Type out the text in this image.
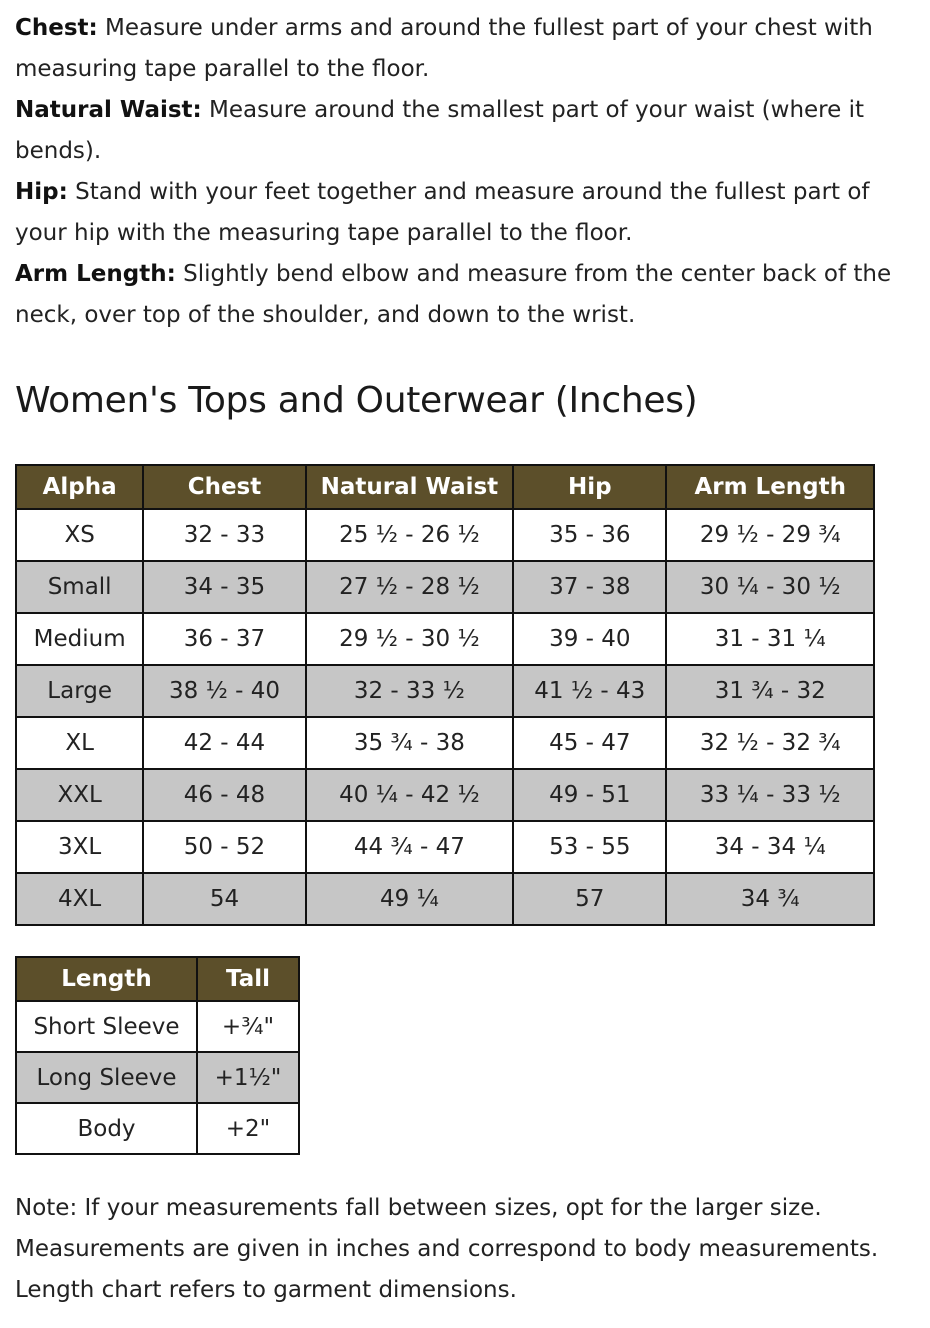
Chest: Measure under arms and around the fullest part of your chest with measuring tape parallel to the floor.

Natural Waist: Measure around the smallest part of your waist (where it bends).

Hip: Stand with your feet together and measure around the fullest part of your hip with the measuring tape parallel to the floor.

Arm Length: Slightly bend elbow and measure from the center back of the neck, over top of the shoulder, and down to the wrist.

Women's Tops and Outerwear (Inches)
Alpha	Chest	Natural Waist	Hip	Arm Length
XS	32 - 33	25 ¹⁄₂ - 26 ¹⁄₂	35 - 36	29 ¹⁄₂ - 29 ³⁄₄
Small	34 - 35	27 ¹⁄₂ - 28 ¹⁄₂	37 - 38	30 ¹⁄₄ - 30 ¹⁄₂
Medium	36 - 37	29 ¹⁄₂ - 30 ¹⁄₂	39 - 40	31 - 31 ¹⁄₄
Large	38 ¹⁄₂ - 40	32 - 33 ¹⁄₂	41 ¹⁄₂ - 43	31 ³⁄₄ - 32
XL	42 - 44	35 ³⁄₄ - 38	45 - 47	32 ¹⁄₂ - 32 ³⁄₄
XXL	46 - 48	40 ¹⁄₄ - 42 ¹⁄₂	49 - 51	33 ¹⁄₄ - 33 ¹⁄₂
3XL	50 - 52	44 ³⁄₄ - 47	53 - 55	34 - 34 ¹⁄₄
4XL	54	49 ¹⁄₄	57	34 ³⁄₄
Length	Tall
Short Sleeve	+³⁄₄"
Long Sleeve	+1¹⁄₂"
Body	+2"

Note: If your measurements fall between sizes, opt for the larger size.

Measurements are given in inches and correspond to body measurements.

Length chart refers to garment dimensions.
